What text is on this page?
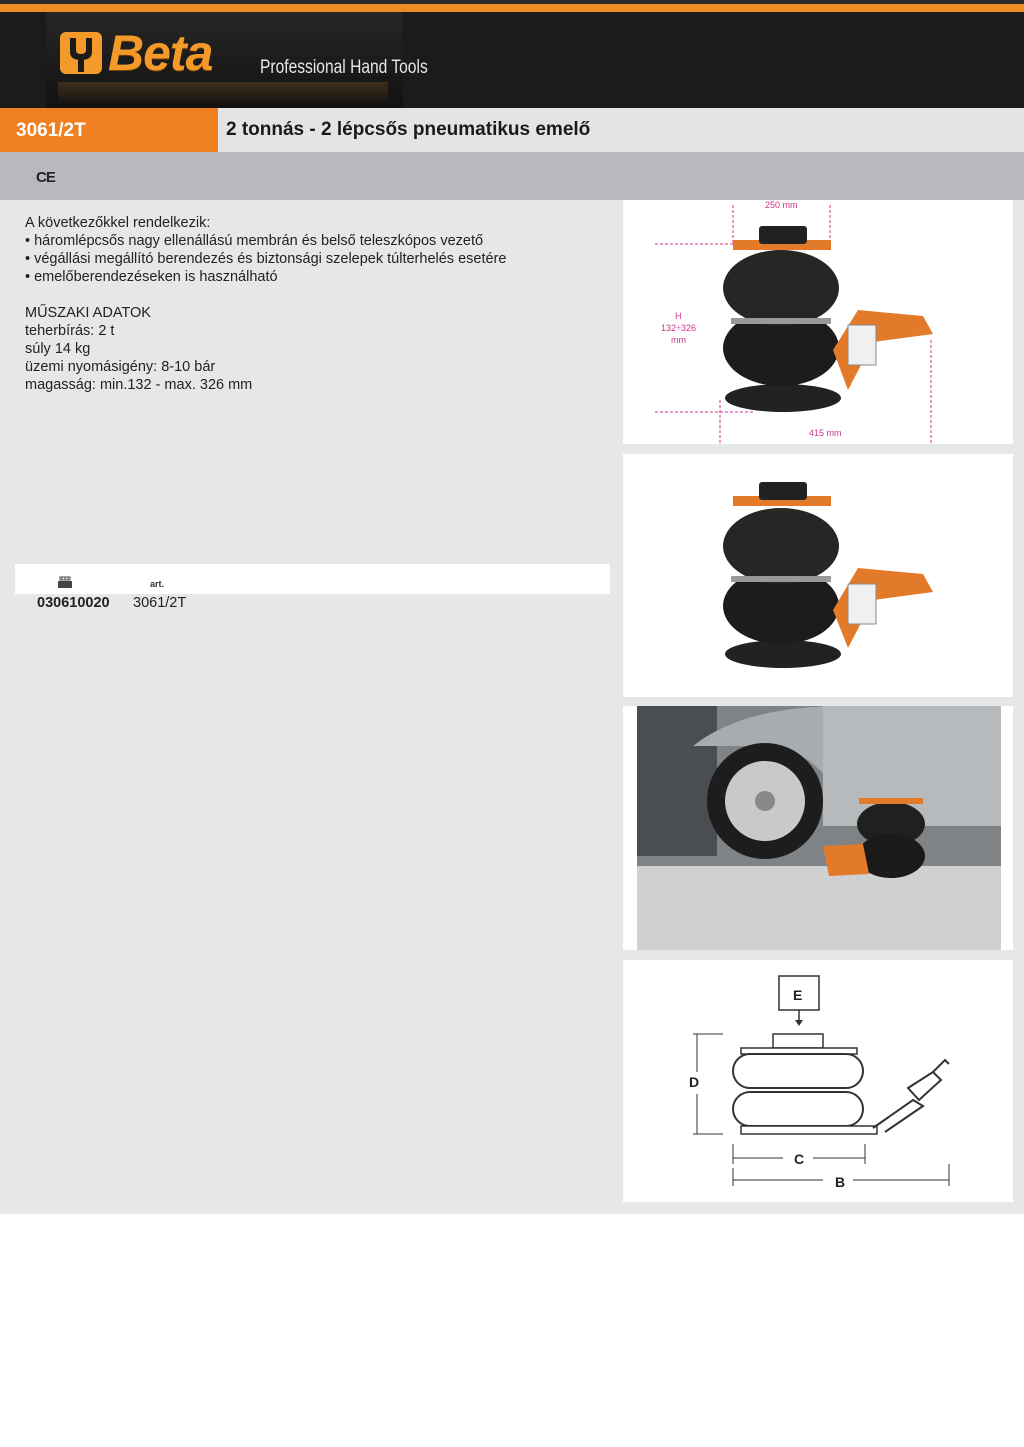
Beta	Professional Hand Tools
3061/2T	2 tonnás - 2 lépcsős pneumatikus emelő
CE

A következőkkel rendelkezik:

• háromlépcsős nagy ellenállású membrán és belső teleszkópos vezető

• végállási megállító berendezés és biztonsági szelepek túlterhelés esetére

• emelőberendezéseken is használható

MŰSZAKI ADATOK

teherbírás: 2 t

súly 14 kg

üzemi nyomásigény: 8-10 bár

magasság: min.132 - max. 326 mm

art.
030610020 3061/2T
250 mm
H
132÷326
mm
415 mm
E
D
C
B
